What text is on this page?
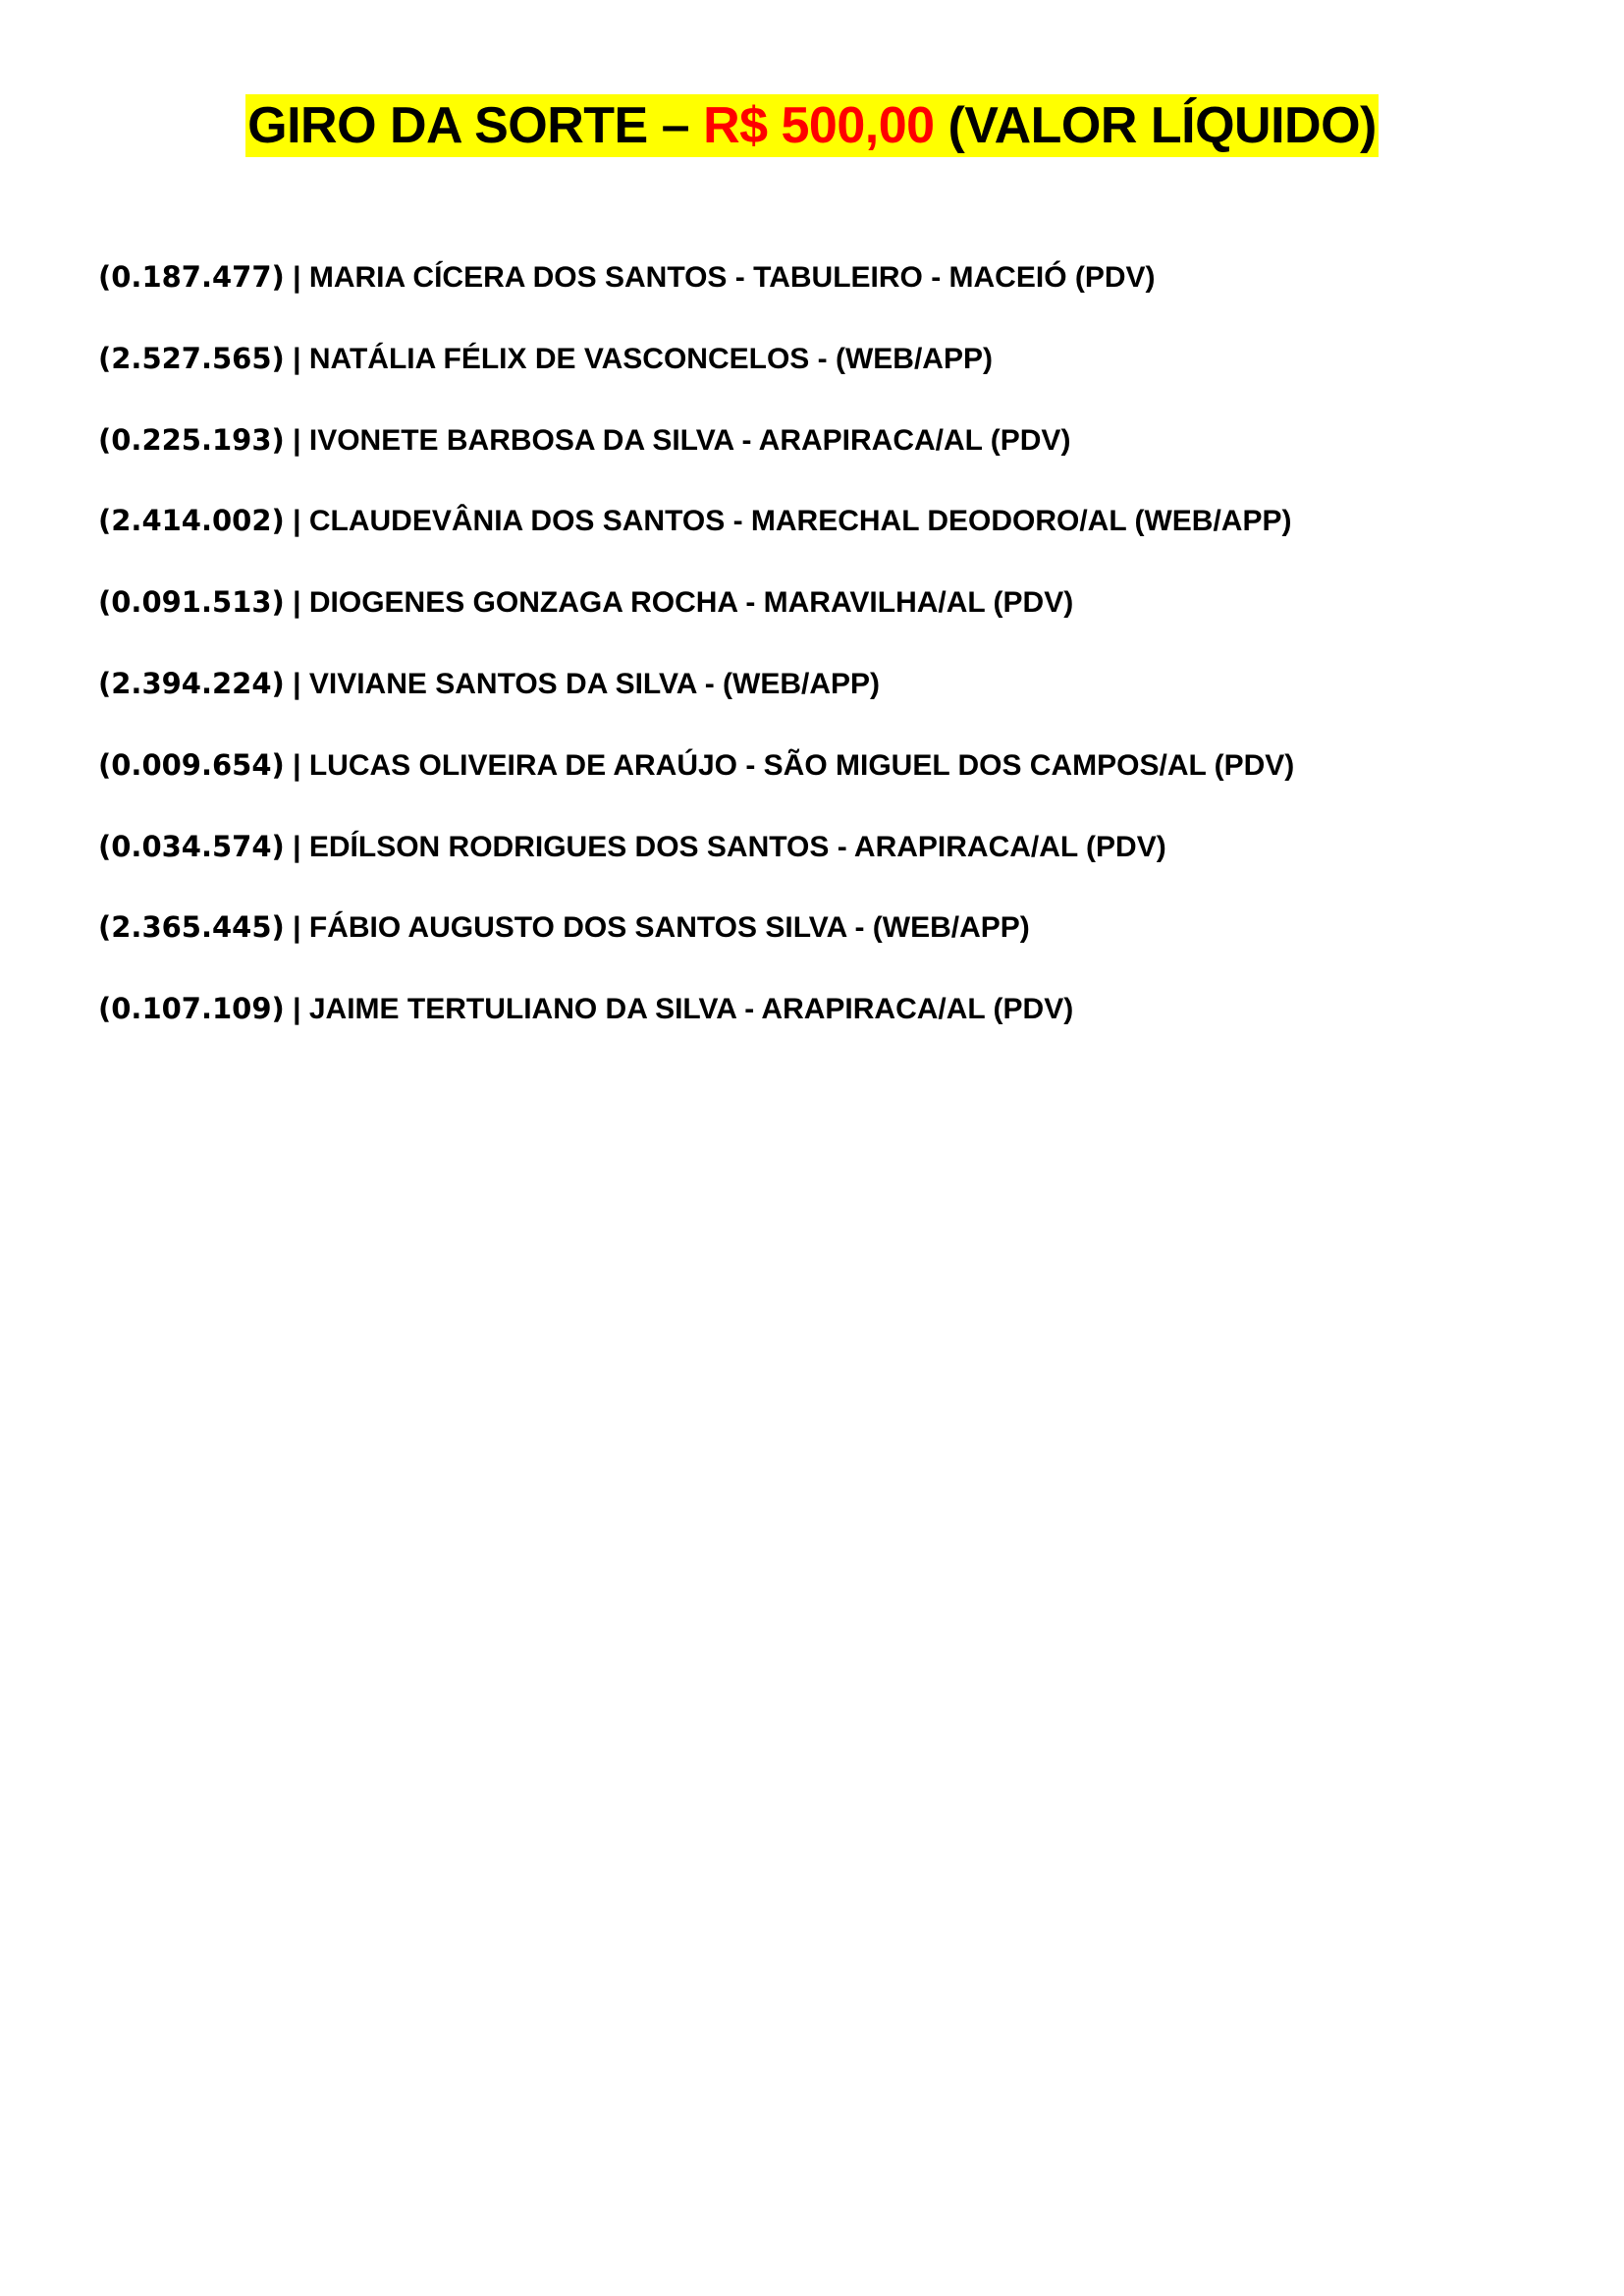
GIRO DA SORTE – R$ 500,00 (VALOR LÍQUIDO)
(0.187.477) | MARIA CÍCERA DOS SANTOS - TABULEIRO - MACEIÓ (PDV)
(2.527.565) | NATÁLIA FÉLIX DE VASCONCELOS - (WEB/APP)
(0.225.193) | IVONETE BARBOSA DA SILVA - ARAPIRACA/AL (PDV)
(2.414.002) | CLAUDEVÂNIA DOS SANTOS - MARECHAL DEODORO/AL (WEB/APP)
(0.091.513) | DIOGENES GONZAGA ROCHA - MARAVILHA/AL (PDV)
(2.394.224) | VIVIANE SANTOS DA SILVA - (WEB/APP)
(0.009.654) | LUCAS OLIVEIRA DE ARAÚJO - SÃO MIGUEL DOS CAMPOS/AL (PDV)
(0.034.574) | EDÍLSON RODRIGUES DOS SANTOS - ARAPIRACA/AL (PDV)
(2.365.445) | FÁBIO AUGUSTO DOS SANTOS SILVA - (WEB/APP)
(0.107.109) | JAIME TERTULIANO DA SILVA - ARAPIRACA/AL (PDV)
